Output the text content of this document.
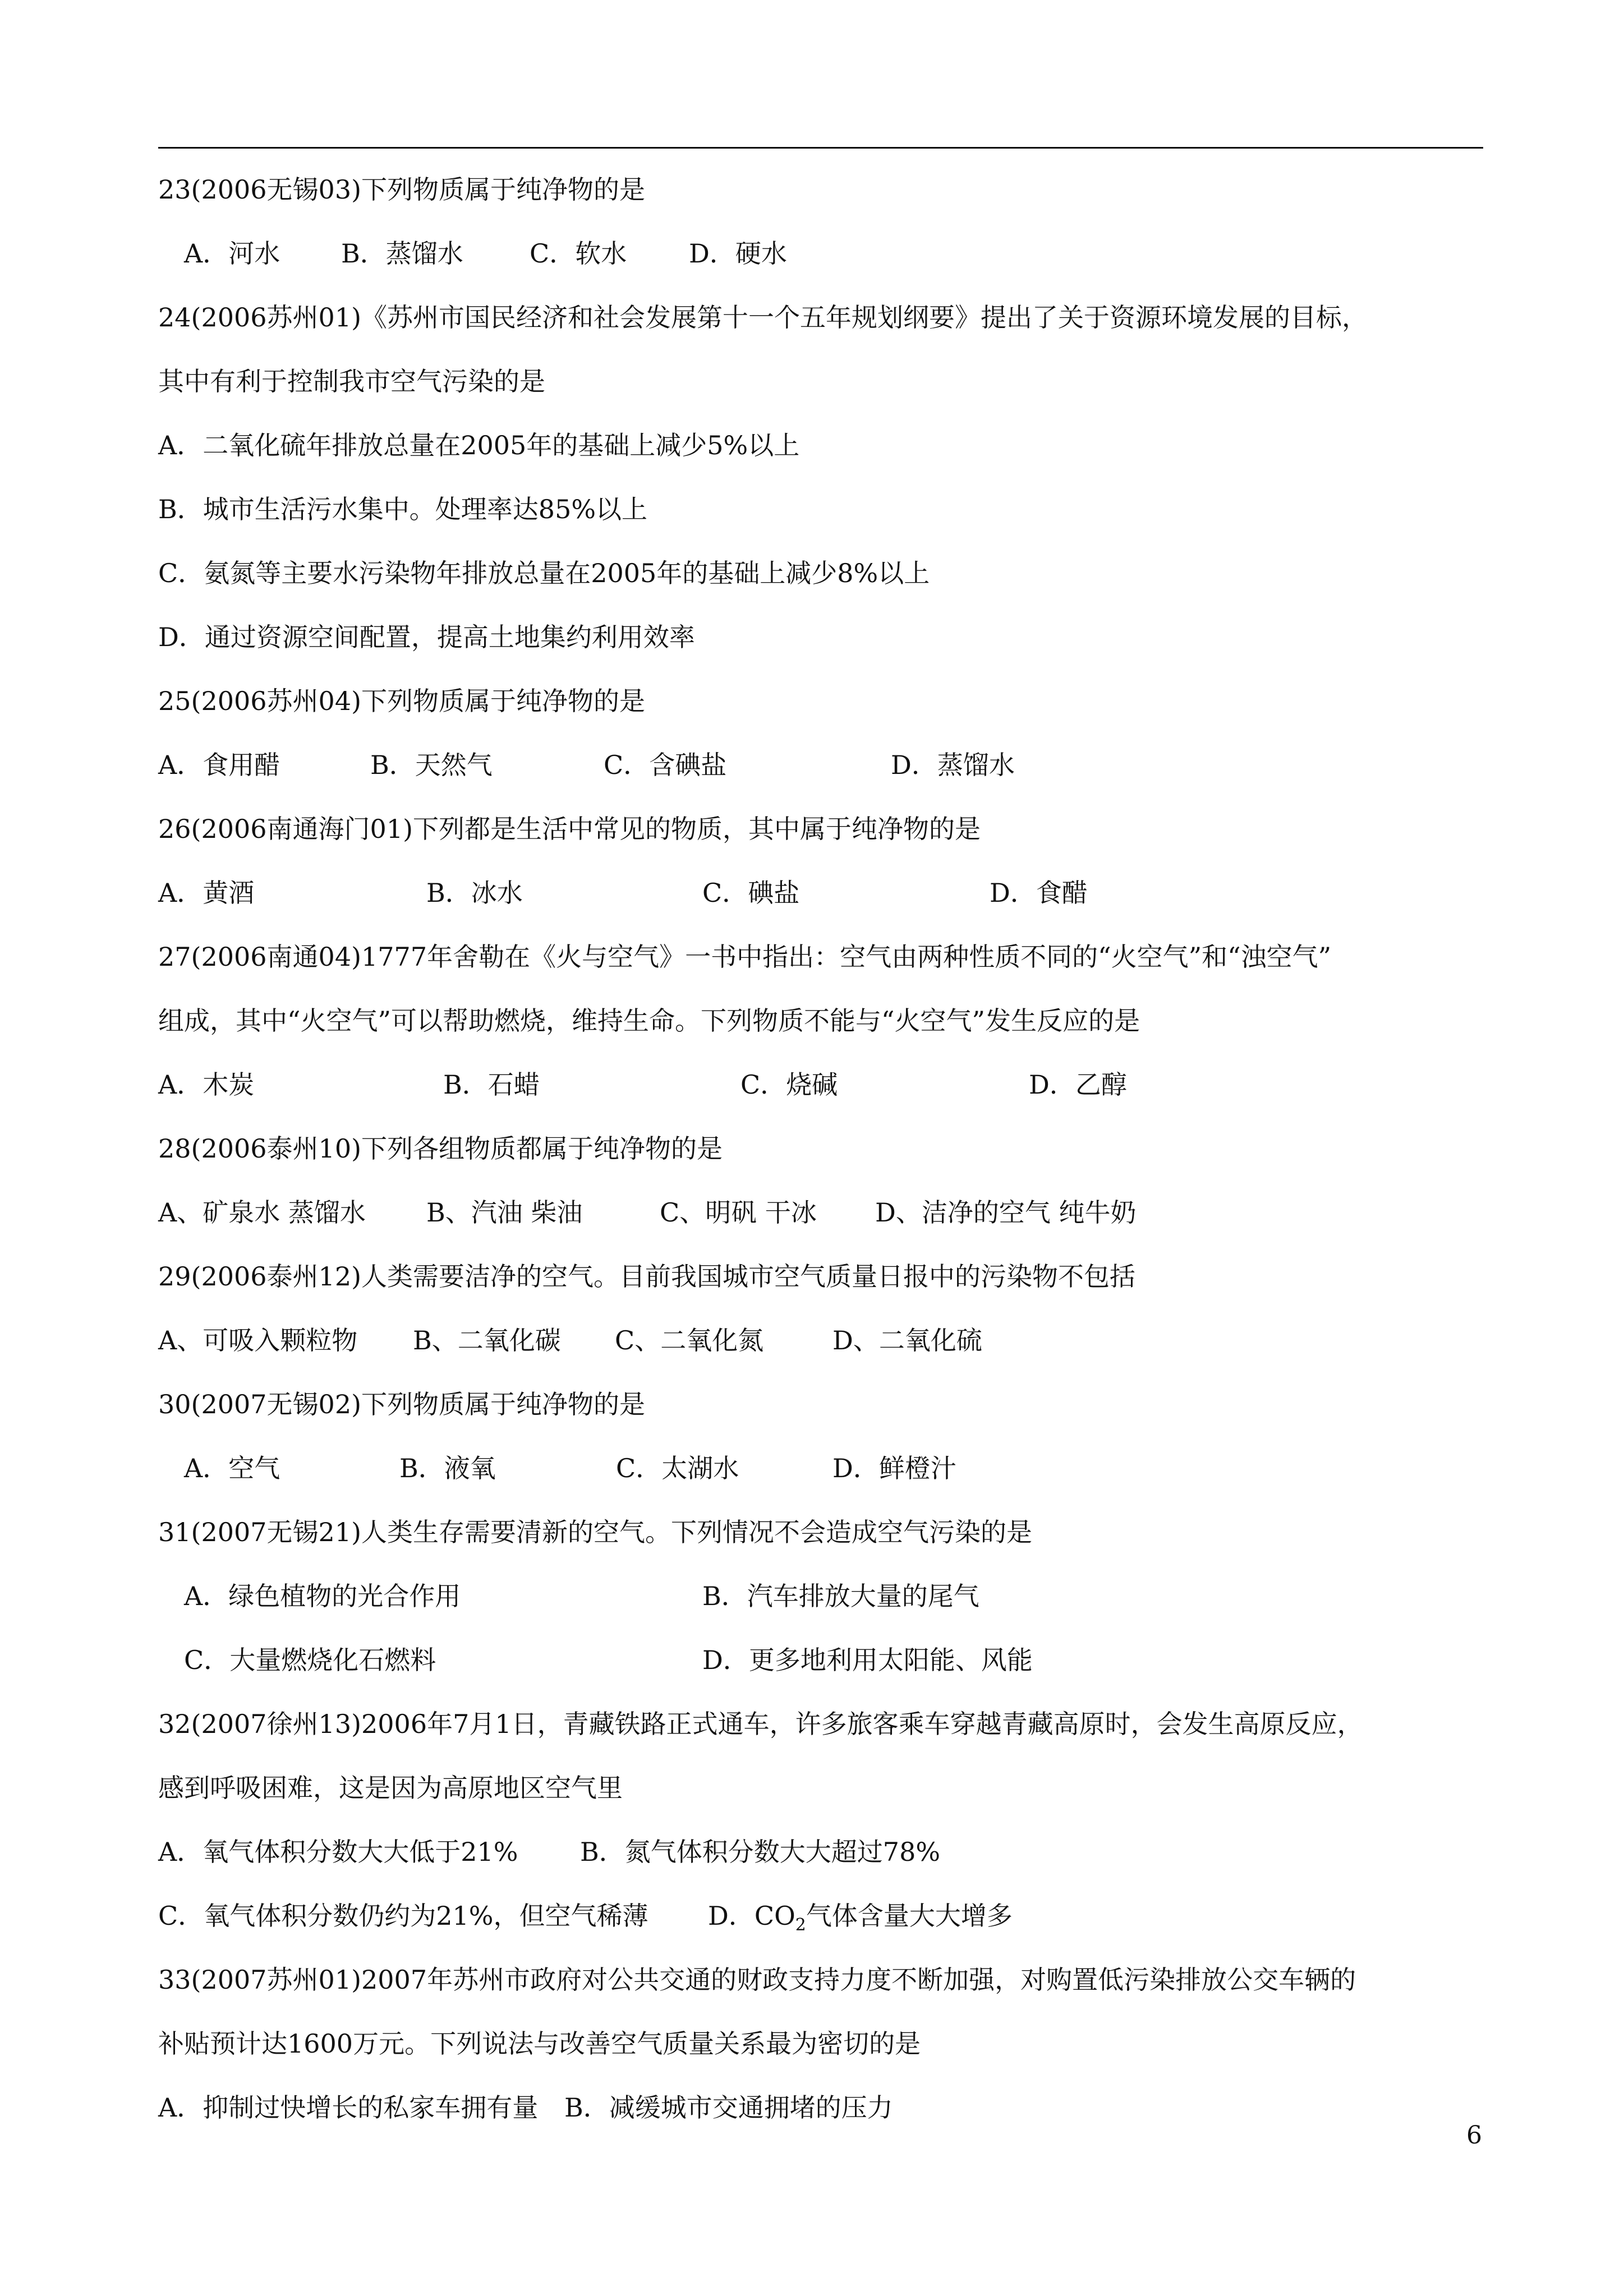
23(2006无锡03)下列物质属于纯净物的是
A．河水 B．蒸馏水	C．软水 D．硬水
24(2006苏州01)《苏州市国民经济和社会发展第十一个五年规划纲要》提出了关于资源环境发展的目标，
其中有利于控制我市空气污染的是
A．二氧化硫年排放总量在2005年的基础上减少5%以上
B．城市生活污水集中。处理率达85%以上
C．氨氮等主要水污染物年排放总量在2005年的基础上减少8%以上
D．通过资源空间配置，提高土地集约利用效率
25(2006苏州04)下列物质属于纯净物的是
A．食用醋	B．天然气	C．含碘盐	D．蒸馏水
26(2006南通海门01)下列都是生活中常见的物质，其中属于纯净物的是
A．黄酒	B．冰水	C．碘盐	D．食醋
27(2006南通04)1777年舍勒在《火与空气》一书中指出：空气由两种性质不同的“火空气”和“浊空气”
组成，其中“火空气”可以帮助燃烧，维持生命。下列物质不能与“火空气”发生反应的是
A．木炭	B．石蜡	C．烧碱	D．乙醇
28(2006泰州10)下列各组物质都属于纯净物的是
A、矿泉水 蒸馏水 B、汽油 柴油	C、明矾 干冰 D、洁净的空气 纯牛奶
29(2006泰州12)人类需要洁净的空气。目前我国城市空气质量日报中的污染物不包括
A、可吸入颗粒物 B、二氧化碳 C、二氧化氮	D、二氧化硫
30(2007无锡02)下列物质属于纯净物的是
A．空气	B．液氧	C．太湖水	D．鲜橙汁
31(2007无锡21)人类生存需要清新的空气。下列情况不会造成空气污染的是
A．绿色植物的光合作用	B．汽车排放大量的尾气
C．大量燃烧化石燃料	D．更多地利用太阳能、风能
32(2007徐州13)2006年7月1日，青藏铁路正式通车，许多旅客乘车穿越青藏高原时，会发生高原反应，
感到呼吸困难，这是因为高原地区空气里
A．氧气体积分数大大低于21% B．氮气体积分数大大超过78%
C．氧气体积分数仍约为21%，但空气稀薄 D．$CO_2$气体含量大大增多
33(2007苏州01)2007年苏州市政府对公共交通的财政支持力度不断加强，对购置低污染排放公交车辆的
补贴预计达1600万元。下列说法与改善空气质量关系最为密切的是
A．抑制过快增长的私家车拥有量 B．减缓城市交通拥堵的压力
6
